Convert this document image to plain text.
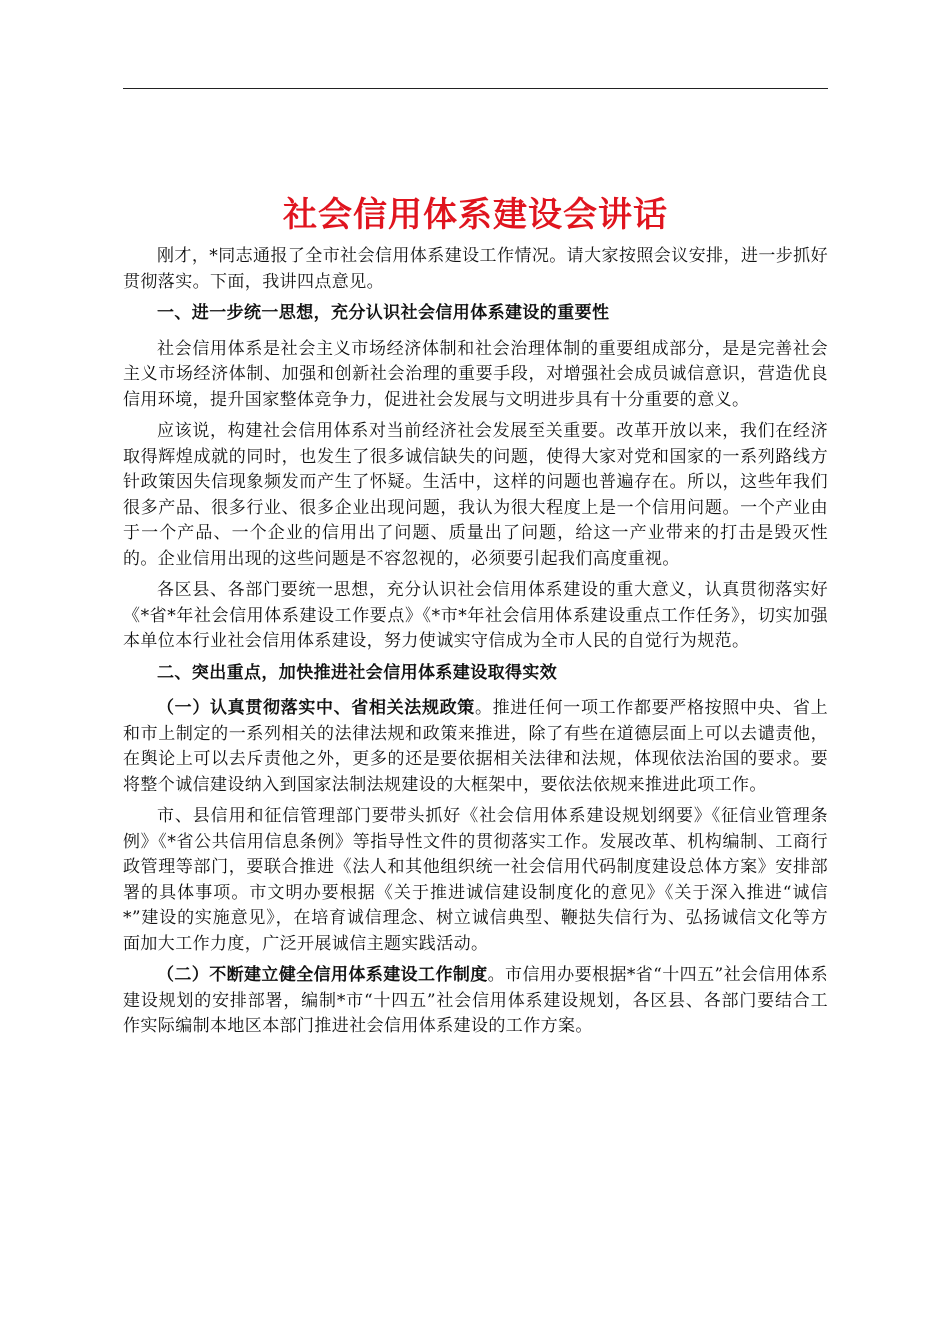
社会信用体系建设会讲话

刚才，*同志通报了全市社会信用体系建设工作情况。请大家按照会议安排，进一步抓好贯彻落实。下面，我讲四点意见。

一、进一步统一思想，充分认识社会信用体系建设的重要性

社会信用体系是社会主义市场经济体制和社会治理体制的重要组成部分，是是完善社会主义市场经济体制、加强和创新社会治理的重要手段，对增强社会成员诚信意识，营造优良信用环境，提升国家整体竞争力，促进社会发展与文明进步具有十分重要的意义。

应该说，构建社会信用体系对当前经济社会发展至关重要。改革开放以来，我们在经济取得辉煌成就的同时，也发生了很多诚信缺失的问题，使得大家对党和国家的一系列路线方针政策因失信现象频发而产生了怀疑。生活中，这样的问题也普遍存在。所以，这些年我们很多产品、很多行业、很多企业出现问题，我认为很大程度上是一个信用问题。一个产业由于一个产品、一个企业的信用出了问题、质量出了问题，给这一产业带来的打击是毁灭性的。企业信用出现的这些问题是不容忽视的，必须要引起我们高度重视。

各区县、各部门要统一思想，充分认识社会信用体系建设的重大意义，认真贯彻落实好《*省*年社会信用体系建设工作要点》《*市*年社会信用体系建设重点工作任务》，切实加强本单位本行业社会信用体系建设，努力使诚实守信成为全市人民的自觉行为规范。

二、突出重点，加快推进社会信用体系建设取得实效

（一）认真贯彻落实中、省相关法规政策。推进任何一项工作都要严格按照中央、省上和市上制定的一系列相关的法律法规和政策来推进，除了有些在道德层面上可以去谴责他，在舆论上可以去斥责他之外，更多的还是要依据相关法律和法规，体现依法治国的要求。要将整个诚信建设纳入到国家法制法规建设的大框架中，要依法依规来推进此项工作。

市、县信用和征信管理部门要带头抓好《社会信用体系建设规划纲要》《征信业管理条例》《*省公共信用信息条例》等指导性文件的贯彻落实工作。发展改革、机构编制、工商行政管理等部门，要联合推进《法人和其他组织统一社会信用代码制度建设总体方案》安排部署的具体事项。市文明办要根据《关于推进诚信建设制度化的意见》《关于深入推进“诚信*”建设的实施意见》，在培育诚信理念、树立诚信典型、鞭挞失信行为、弘扬诚信文化等方面加大工作力度，广泛开展诚信主题实践活动。

（二）不断建立健全信用体系建设工作制度。市信用办要根据*省“十四五”社会信用体系建设规划的安排部署，编制*市“十四五”社会信用体系建设规划，各区县、各部门要结合工作实际编制本地区本部门推进社会信用体系建设的工作方案。
